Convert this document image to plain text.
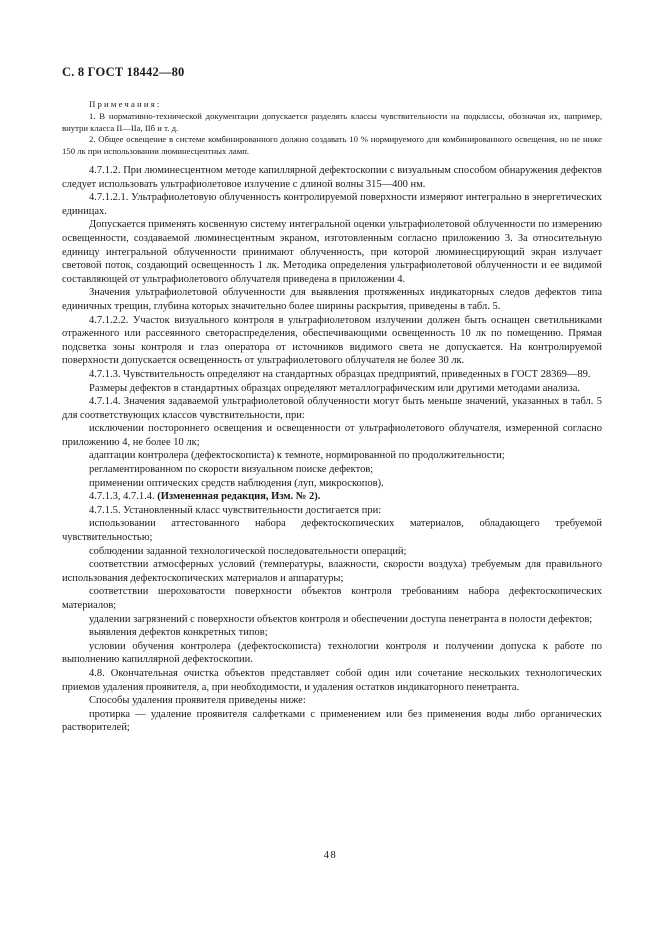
С. 8 ГОСТ 18442—80
Примечания:

1. В нормативно-технической документации допускается разделять классы чувствительности на подклассы, обозначая их, например, внутри класса II—IIа, IIб и т. д.

2. Общее освещение в системе комбинированного должно создавать 10 % нормируемого для комбинированного освещения, но не ниже 150 лк при использовании люминесцентных ламп.

4.7.1.2. При люминесцентном методе капиллярной дефектоскопии с визуальным способом обнаружения дефектов следует использовать ультрафиолетовое излучение с длиной волны 315—400 нм.

4.7.1.2.1. Ультрафиолетовую облученность контролируемой поверхности измеряют интегрально в энергетических единицах.

Допускается применять косвенную систему интегральной оценки ультрафиолетовой облученности по измерению освещенности, создаваемой люминесцентным экраном, изготовленным согласно приложению 3. За относительную единицу интегральной облученности принимают облученность, при которой люминесцирующий экран излучает световой поток, создающий освещенность 1 лк. Методика определения ультрафиолетовой облученности и ее видимой составляющей от ультрафиолетового облучателя приведена в приложении 4.

Значения ультрафиолетовой облученности для выявления протяженных индикаторных следов дефектов типа единичных трещин, глубина которых значительно более ширины раскрытия, приведены в табл. 5.

4.7.1.2.2. Участок визуального контроля в ультрафиолетовом излучении должен быть оснащен светильниками отраженного или рассеянного светораспределения, обеспечивающими освещенность 10 лк по помещению. Прямая подсветка зоны контроля и глаз оператора от источников видимого света не допускается. На контролируемой поверхности допускается освещенность от ультрафиолетового облучателя не более 30 лк.

4.7.1.3. Чувствительность определяют на стандартных образцах предприятий, приведенных в ГОСТ 28369—89.

Размеры дефектов в стандартных образцах определяют металлографическим или другими методами анализа.

4.7.1.4. Значения задаваемой ультрафиолетовой облученности могут быть меньше значений, указанных в табл. 5 для соответствующих классов чувствительности, при:

исключении постороннего освещения и освещенности от ультрафиолетового облучателя, измеренной согласно приложению 4, не более 10 лк;

адаптации контролера (дефектоскописта) к темноте, нормированной по продолжительности;

регламентированном по скорости визуальном поиске дефектов;

применении оптических средств наблюдения (луп, микроскопов).

4.7.1.3, 4.7.1.4. (Измененная редакция, Изм. № 2).

4.7.1.5. Установленный класс чувствительности достигается при:

использовании аттестованного набора дефектоскопических материалов, обладающего требуемой чувствительностью;

соблюдении заданной технологической последовательности операций;

соответствии атмосферных условий (температуры, влажности, скорости воздуха) требуемым для правильного использования дефектоскопических материалов и аппаратуры;

соответствии шероховатости поверхности объектов контроля требованиям набора дефектоскопических материалов;

удалении загрязнений с поверхности объектов контроля и обеспечении доступа пенетранта в полости дефектов;

выявления дефектов конкретных типов;

условии обучения контролера (дефектоскописта) технологии контроля и получении допуска к работе по выполнению капиллярной дефектоскопии.

4.8. Окончательная очистка объектов представляет собой один или сочетание нескольких технологических приемов удаления проявителя, а, при необходимости, и удаления остатков индикаторного пенетранта.

Способы удаления проявителя приведены ниже:

протирка — удаление проявителя салфетками с применением или без применения воды либо органических растворителей;

48
